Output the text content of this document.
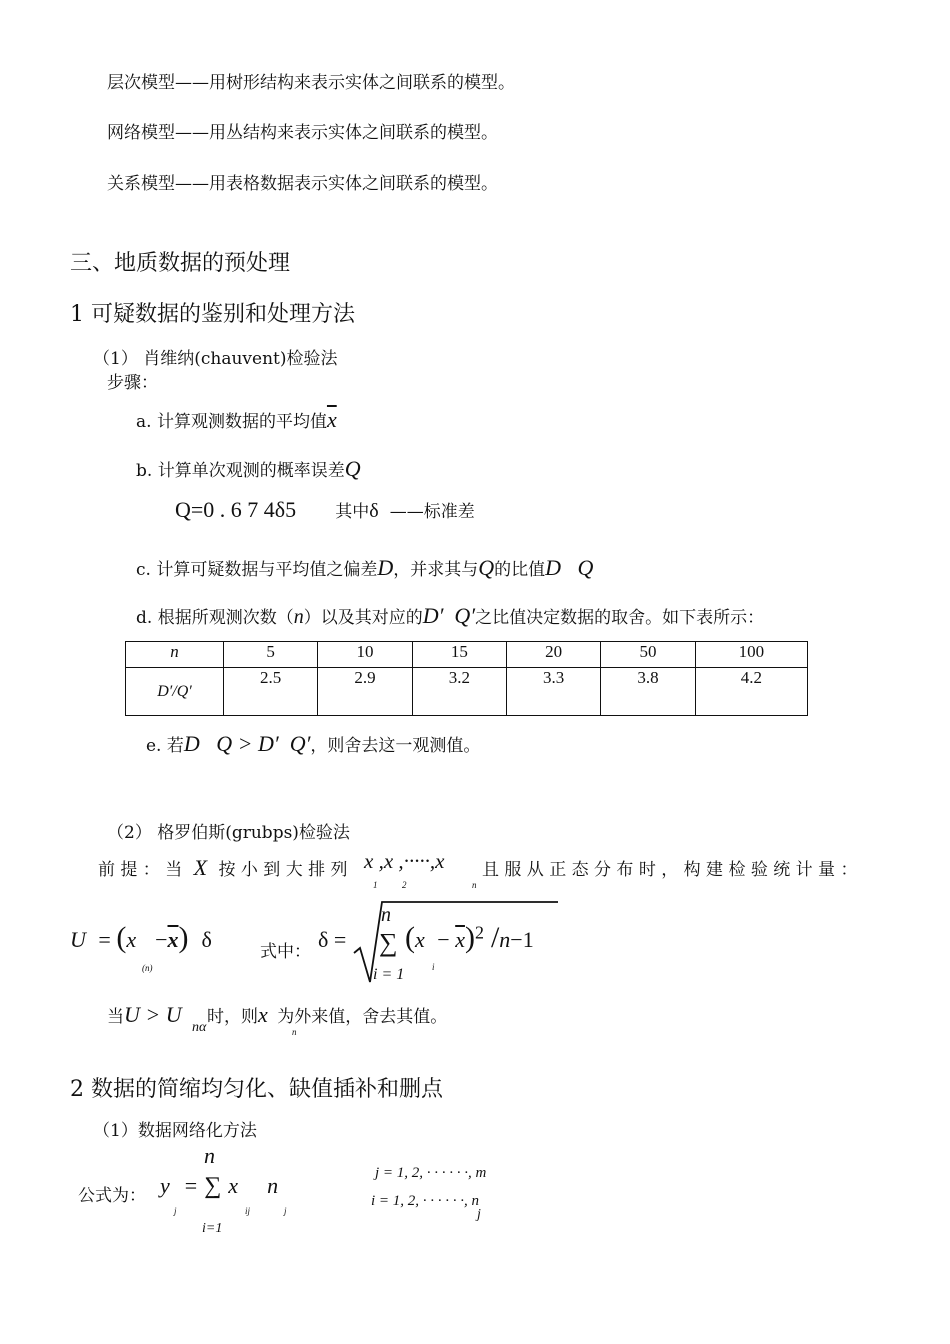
层次模型——用树形结构来表示实体之间联系的模型。
网络模型——用丛结构来表示实体之间联系的模型。
关系模型——用表格数据表示实体之间联系的模型。
三、地质数据的预处理
1 可疑数据的鉴别和处理方法
（1） 肖维纳(chauvent)检验法
步骤：
a. 计算观测数据的平均值$\overline{x}$
b. 计算单次观测的概率误差Q
Q=0 . 6 7 4δ5 其中δ ——标准差
c. 计算可疑数据与平均值之偏差D，并求其与Q的比值D   Q
d. 根据所观测次数（n）以及其对应的D′  Q′之比值决定数据的取舍。如下表所示：
n	5	10	15	20	50	100
D′/Q′	2.5	2.9	3.2	3.3	3.8	4.2
e. 若D   Q > D′  Q′，则舍去这一观测值。
（2） 格罗伯斯(grubps)检验法
前 提 ： 当 X 按 小 到 大 排 列 x ,x ,·····,x
1	2	n
且 服 从 正 态 分 布 时 ， 构 建 检 验 统 计 量 ：
$U = (x -\overline{x})$ δ
(n)
式中： δ =
n
∑
i = 1
$(x - \overline{x})^2$ /n−1
i
当U > U 时，则x 为外来值，舍去其值。
nα	n
2 数据的简缩均匀化、缺值插补和删点
（1）数据网络化方法
n
公式为： y = ∑ x n
j	ij	j
i=1
j = 1, 2, · · · · · ·, m
i = 1, 2, · · · · · ·, n
j
